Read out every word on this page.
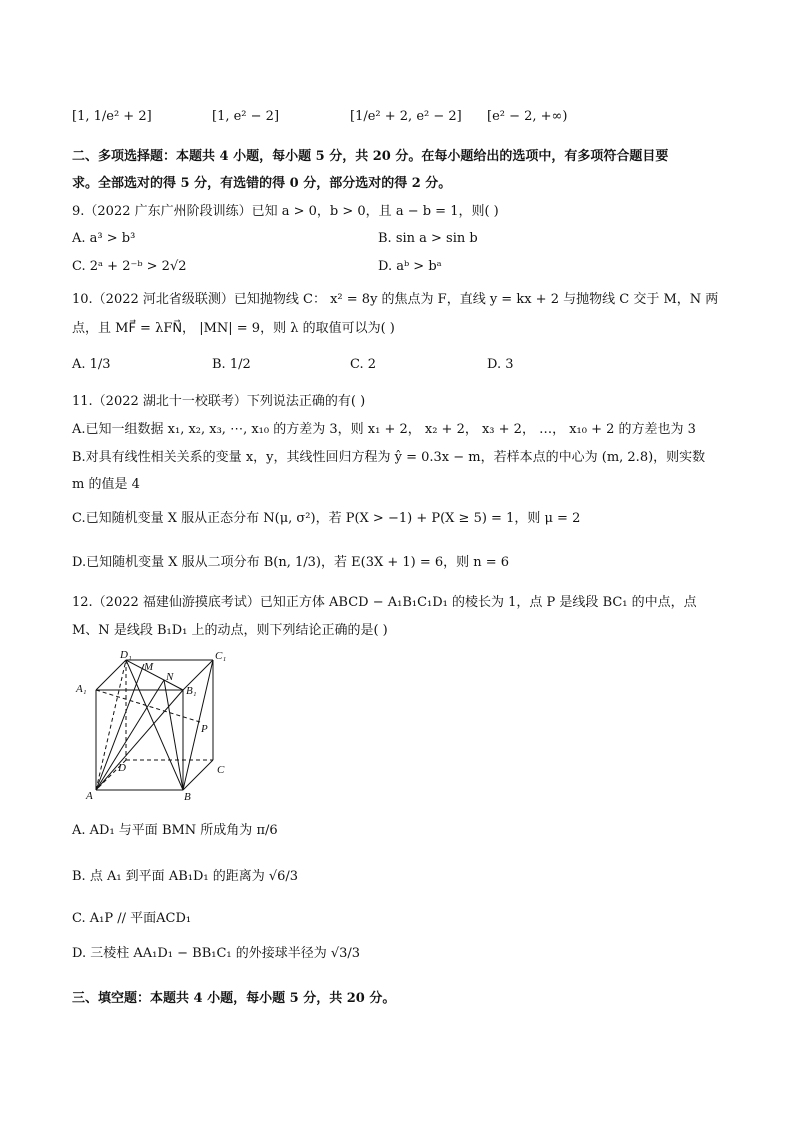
[1, 1/e² + 2]	[1, e² − 2]	[1/e² + 2, e² − 2] [e² − 2, +∞)
二、多项选择题：本题共 4 小题，每小题 5 分，共 20 分。在每小题给出的选项中，有多项符合题目要
求。全部选对的得 5 分，有选错的得 0 分，部分选对的得 2 分。
9.（2022 广东广州阶段训练）已知 a > 0，b > 0，且 a − b = 1，则( )
A. a³ > b³	B. sin a > sin b
C. 2ᵃ + 2⁻ᵇ > 2√2	D. aᵇ > bᵃ
10.（2022 河北省级联测）已知抛物线 C： x² = 8y 的焦点为 F，直线 y = kx + 2 与抛物线 C 交于 M，N 两
点，且 MF⃗ = λFN⃗， |MN| = 9，则 λ 的取值可以为( )
A. 1/3	B. 1/2	C. 2	D. 3
11.（2022 湖北十一校联考）下列说法正确的有( )
A.已知一组数据 x₁, x₂, x₃, ⋯, x₁₀ 的方差为 3，则 x₁ + 2， x₂ + 2， x₃ + 2， …， x₁₀ + 2 的方差也为 3
B.对具有线性相关关系的变量 x，y，其线性回归方程为 ŷ = 0.3x − m，若样本点的中心为 (m, 2.8)，则实数
m 的值是 4
C.已知随机变量 X 服从正态分布 N(μ, σ²)，若 P(X > −1) + P(X ≥ 5) = 1，则 μ = 2
D.已知随机变量 X 服从二项分布 B(n, 1/3)，若 E(3X + 1) = 6，则 n = 6
12.（2022 福建仙游摸底考试）已知正方体 ABCD − A₁B₁C₁D₁ 的棱长为 1，点 P 是线段 BC₁ 的中点，点
M、N 是线段 B₁D₁ 上的动点，则下列结论正确的是( )
D₁	C₁
A₁	B₁
M
N
P
D	C
A	B
A. AD₁ 与平面 BMN 所成角为 π/6
B. 点 A₁ 到平面 AB₁D₁ 的距离为 √6/3
C. A₁P // 平面ACD₁
D. 三棱柱 AA₁D₁ − BB₁C₁ 的外接球半径为 √3/3
三、填空题：本题共 4 小题，每小题 5 分，共 20 分。
